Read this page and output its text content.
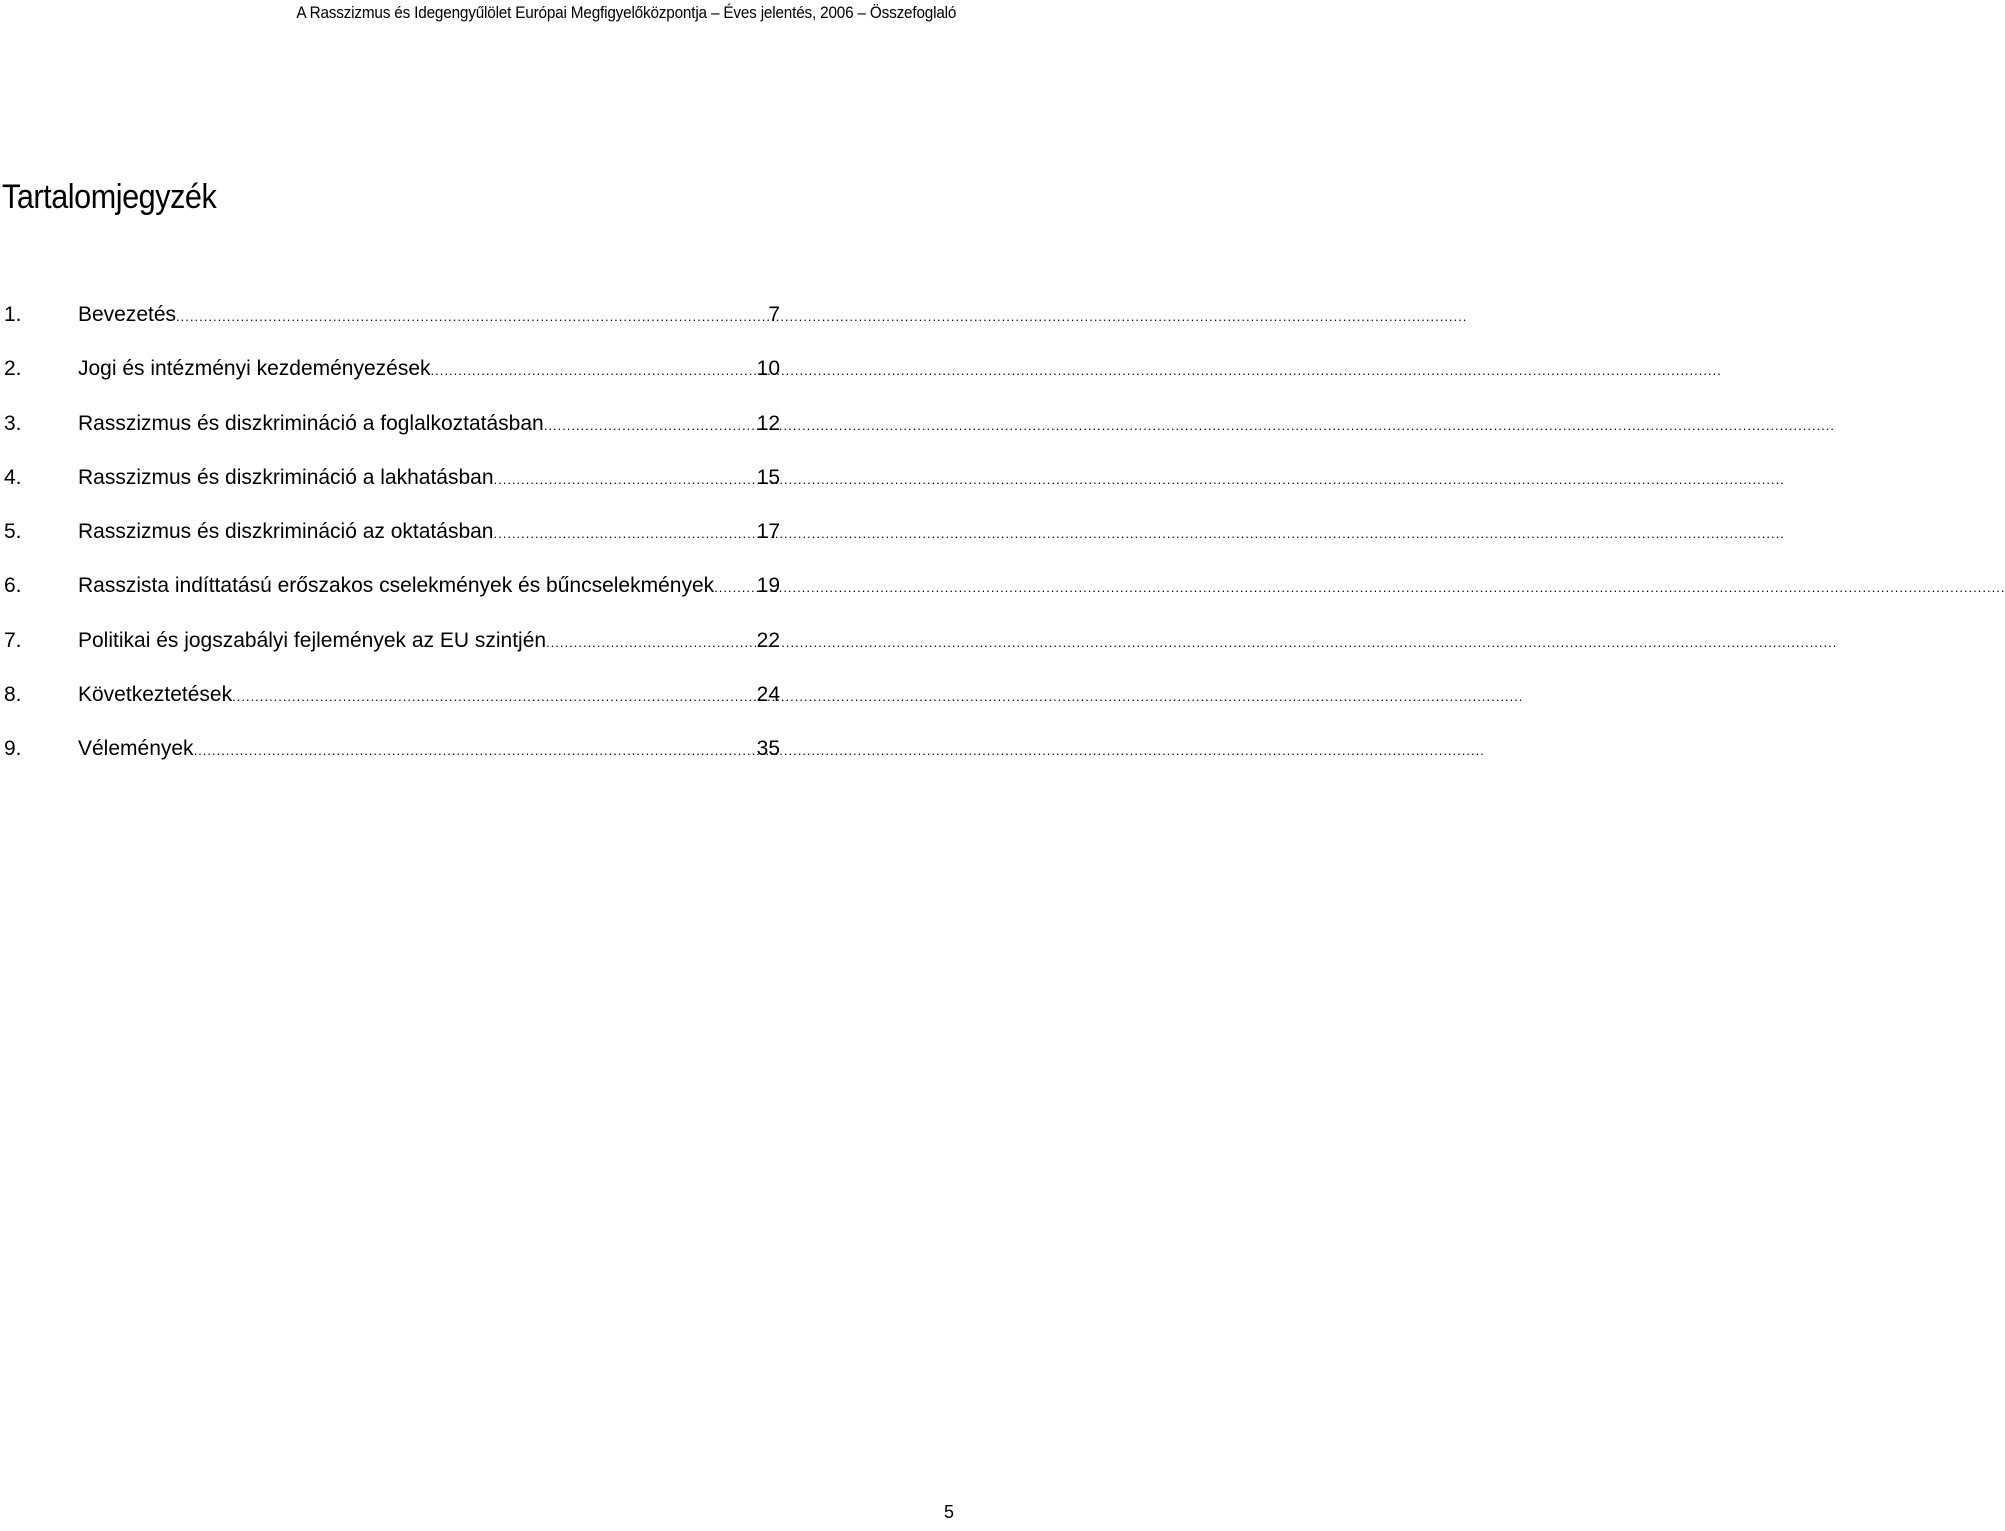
A Rasszizmus és Idegengyűlölet Európai Megfigyelőközpontja – Éves jelentés, 2006 – Összefoglaló
Tartalomjegyzék
1.	Bevezetés .....	7
2.	Jogi és intézményi kezdeményezések .....	10
3.	Rasszizmus és diszkrimináció a foglalkoztatásban .....	12
4.	Rasszizmus és diszkrimináció a lakhatásban .....	15
5.	Rasszizmus és diszkrimináció az oktatásban .....	17
6.	Rasszista indíttatású erőszakos cselekmények és bűncselekmények ..... 19
7.	Politikai és jogszabályi fejlemények az EU szintjén .....	22
8.	Következtetések .....	24
9.	Vélemények .....	35
5
